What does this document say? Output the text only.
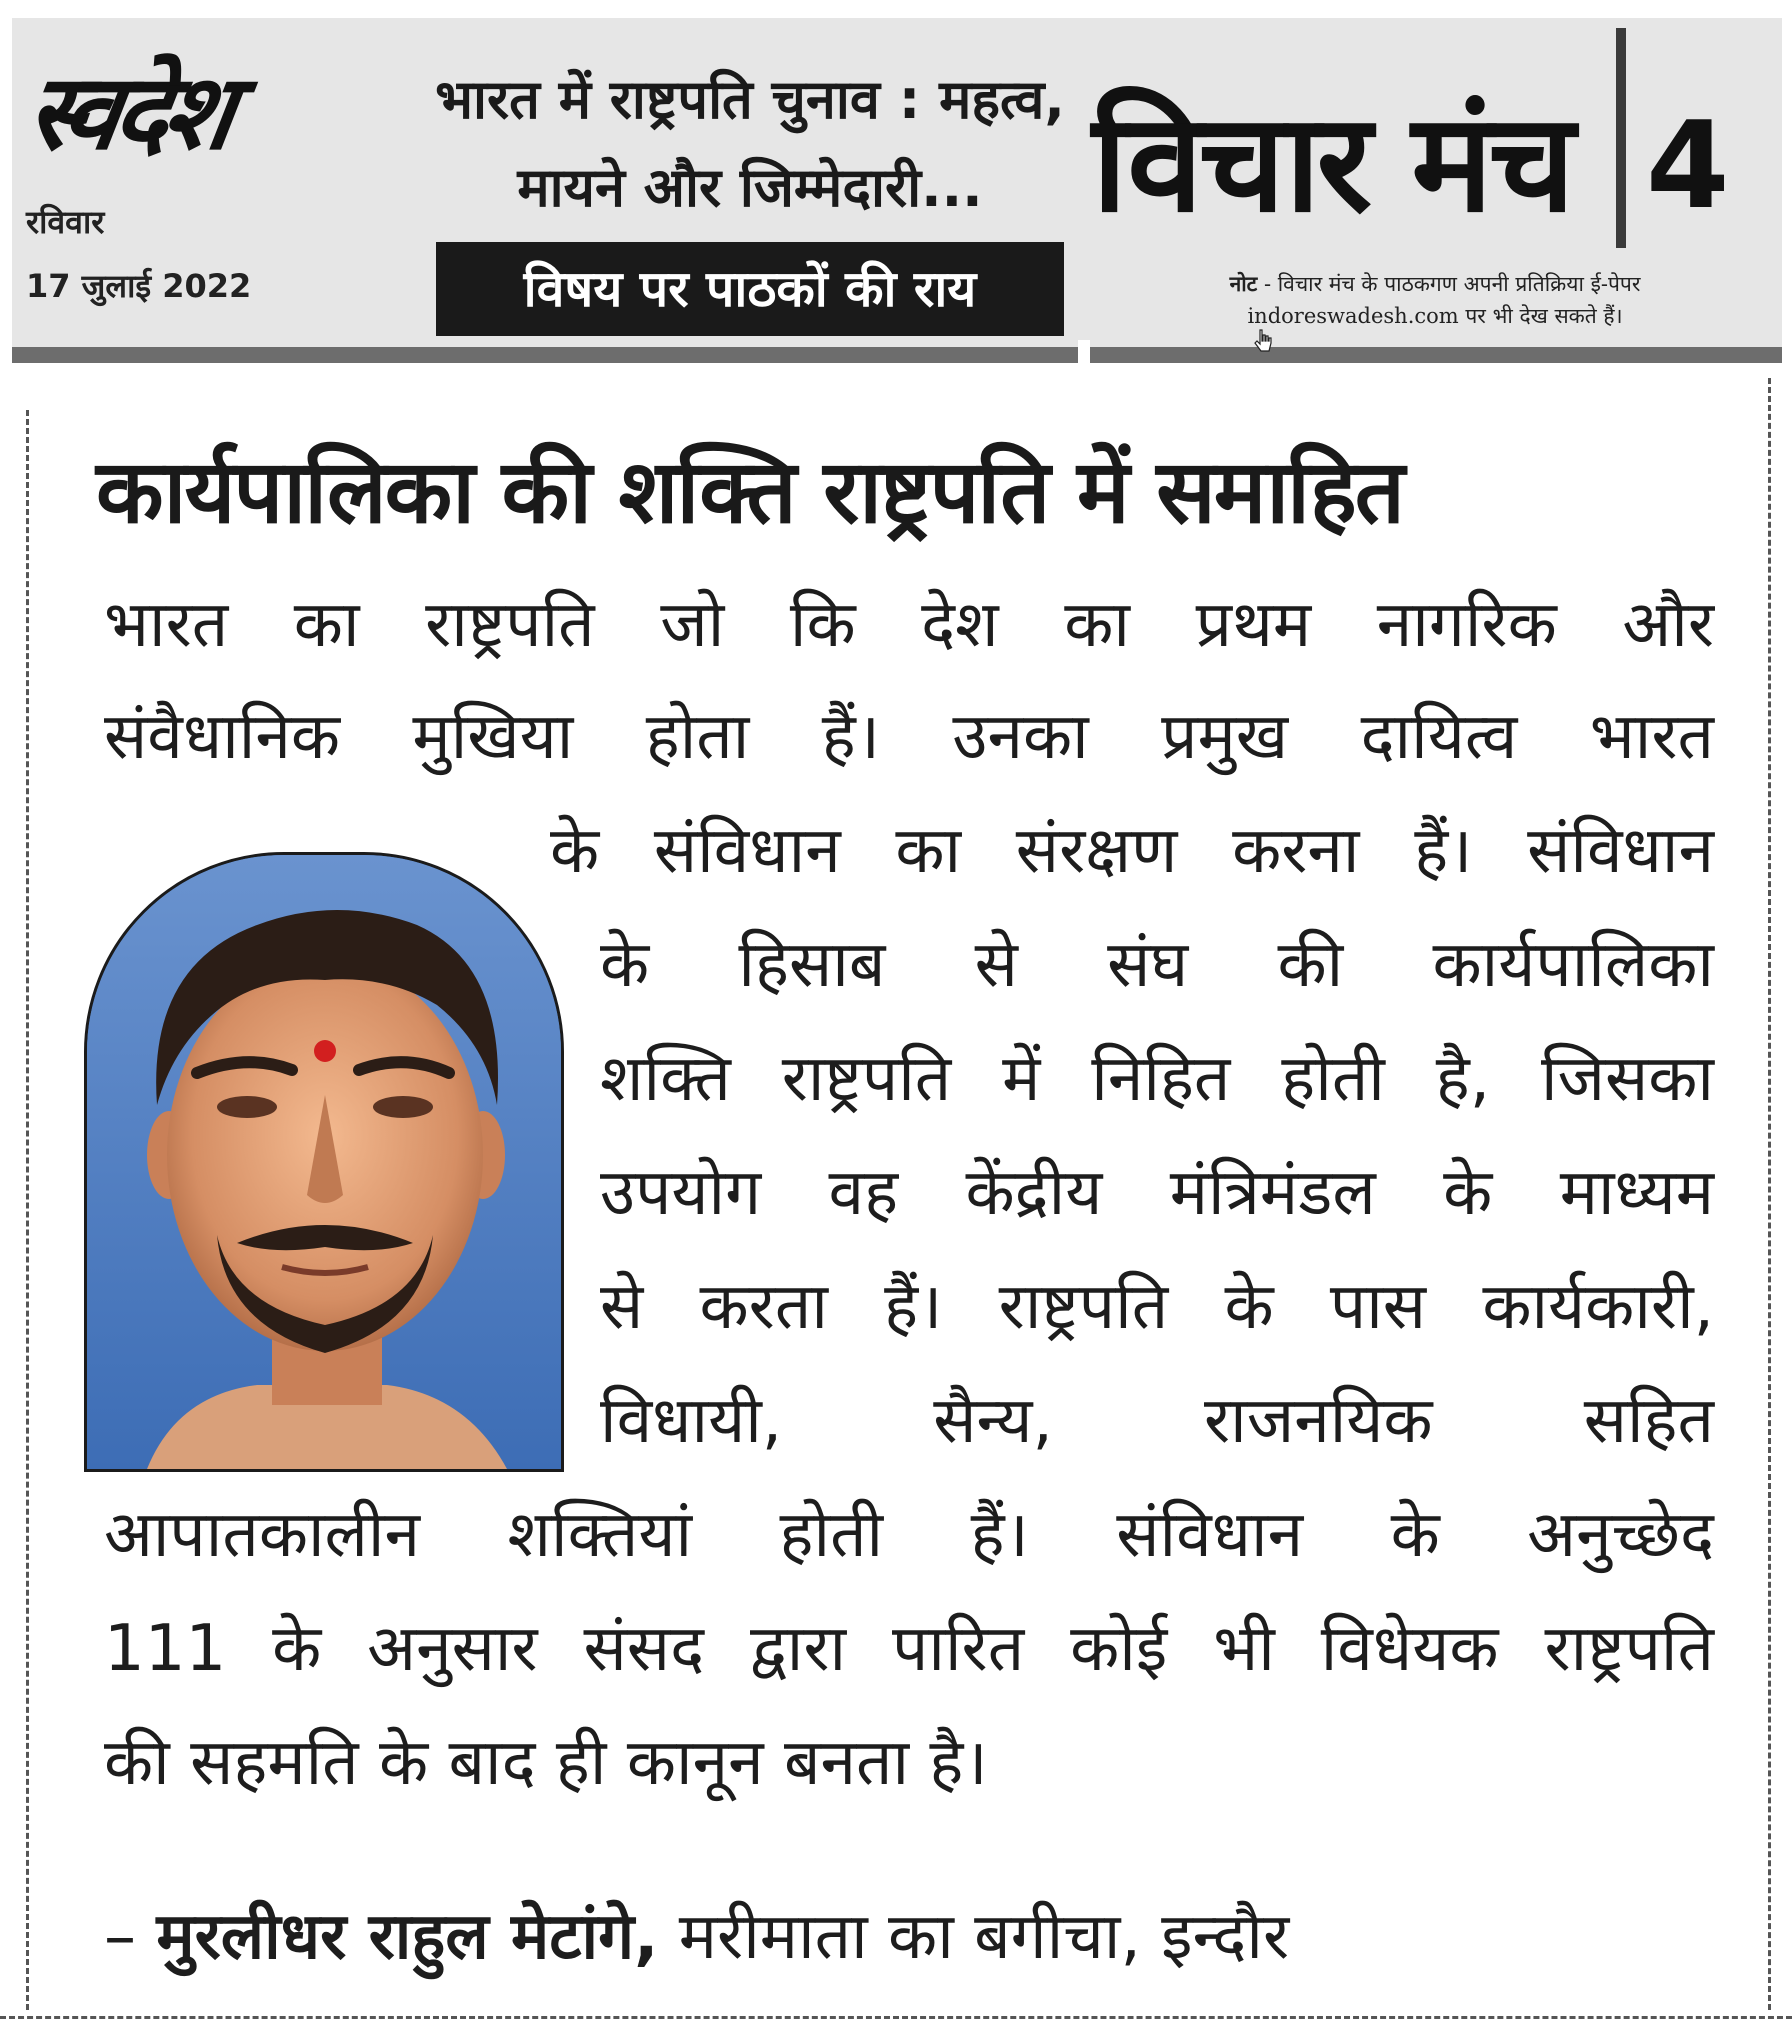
स्वदेश
रविवार
17 जुलाई 2022
भारत में राष्ट्रपति चुनाव : महत्व, मायने और जिम्मेदारी...
विषय पर पाठकों की राय
विचार मंच 4
नोट - विचार मंच के पाठकगण अपनी प्रतिक्रिया ई-पेपर indoreswadesh.com पर भी देख सकते हैं।
कार्यपालिका की शक्ति राष्ट्रपति में समाहित
भारत का राष्ट्रपति जो कि देश का प्रथम नागरिक और
संवैधानिक मुखिया होता हैं। उनका प्रमुख दायित्व भारत
के संविधान का संरक्षण करना हैं। संविधान
के हिसाब से संघ की कार्यपालिका
शक्ति राष्ट्रपति में निहित होती है, जिसका
उपयोग वह केंद्रीय मंत्रिमंडल के माध्यम
से करता हैं। राष्ट्रपति के पास कार्यकारी,
विधायी, सैन्य, राजनयिक सहित
आपातकालीन शक्तियां होती हैं। संविधान के अनुच्छेद
111 के अनुसार संसद द्वारा पारित कोई भी विधेयक राष्ट्रपति
की सहमति के बाद ही कानून बनता है।
– मुरलीधर राहुल मेटांगे, मरीमाता का बगीचा, इन्दौर
